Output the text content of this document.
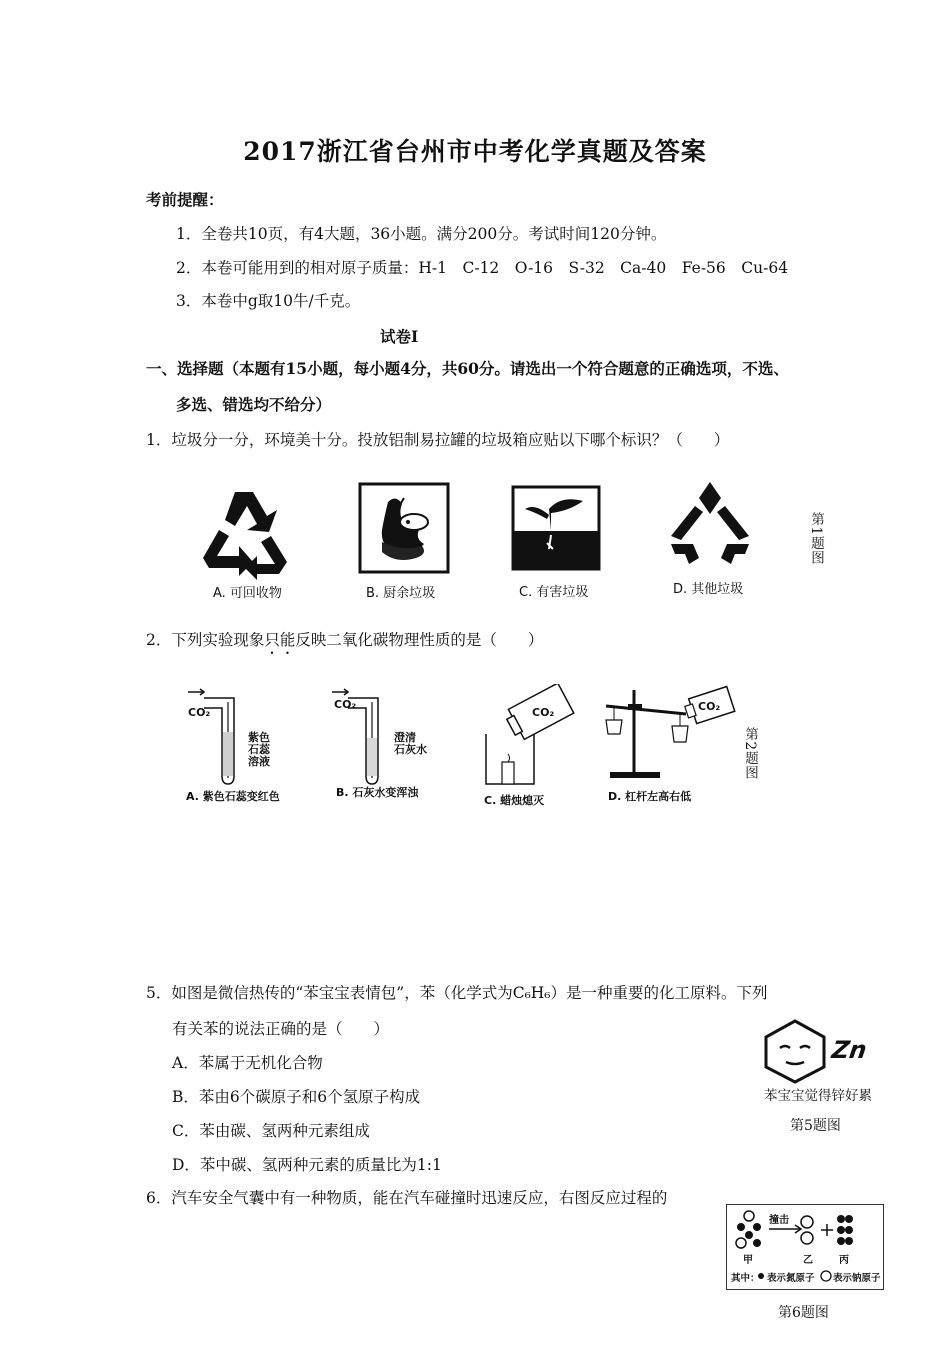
2017浙江省台州市中考化学真题及答案
考前提醒：
1．全卷共10页，有4大题，36小题。满分200分。考试时间120分钟。
2．本卷可能用到的相对原子质量：H-1　C-12　O-16　S-32　Ca-40　Fe-56　Cu-64
3．本卷中g取10牛/千克。
试卷Ⅰ
一、选择题（本题有15小题，每小题4分，共60分。请选出一个符合题意的正确选项，不选、
多选、错选均不给分）
1．垃圾分一分，环境美十分。投放铝制易拉罐的垃圾箱应贴以下哪个标识？（　　）
A. 可回收物	B. 厨余垃圾	C. 有害垃圾	D. 其他垃圾
第1题图
2．下列实验现象只能反映二氧化碳物理性质的是（　　）
CO₂
紫色
石蕊
溶液
A. 紫色石蕊变红色
CO₂
澄清
石灰水
B. 石灰水变浑浊
CO₂
C. 蜡烛熄灭
CO₂
D. 杠杆左高右低
第2题图
5．如图是微信热传的“苯宝宝表情包”，苯（化学式为C₆H₆）是一种重要的化工原料。下列
有关苯的说法正确的是（　　）
A．苯属于无机化合物
B．苯由6个碳原子和6个氢原子构成
C．苯由碳、氢两种元素组成
D．苯中碳、氢两种元素的质量比为1:1
Zn
苯宝宝觉得锌好累
第5题图
6．汽车安全气囊中有一种物质，能在汽车碰撞时迅速反应，右图反应过程的
撞击
甲	乙	丙
其中： 表示氮原子 表示钠原子
第6题图
